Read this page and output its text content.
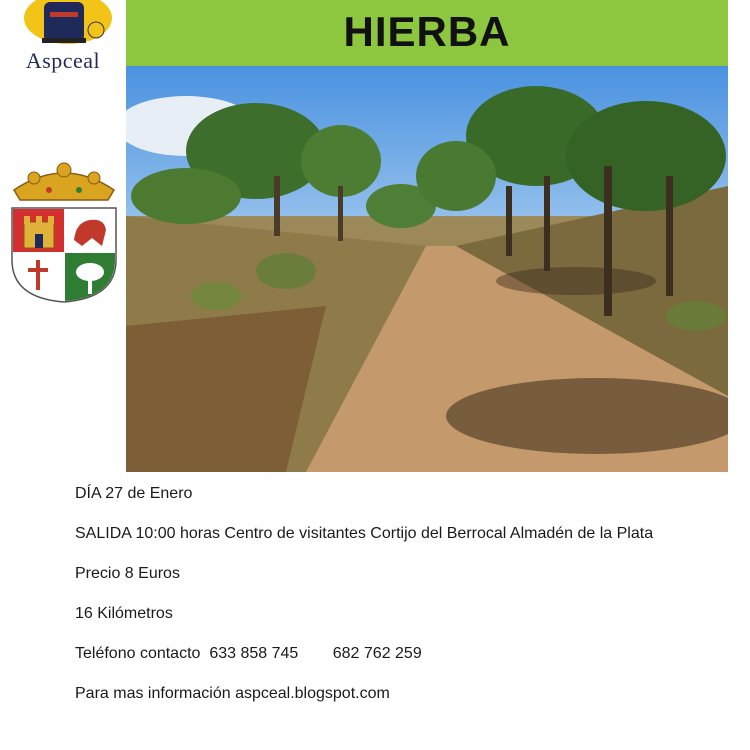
Aspceal
HIERBA

DÍA 27 de Enero

SALIDA 10:00 horas Centro de visitantes Cortijo del Berrocal Almadén de la Plata

Precio 8 Euros

16 Kilómetros

Teléfono contacto 633 858 745 682 762 259

Para mas información aspceal.blogspot.com
